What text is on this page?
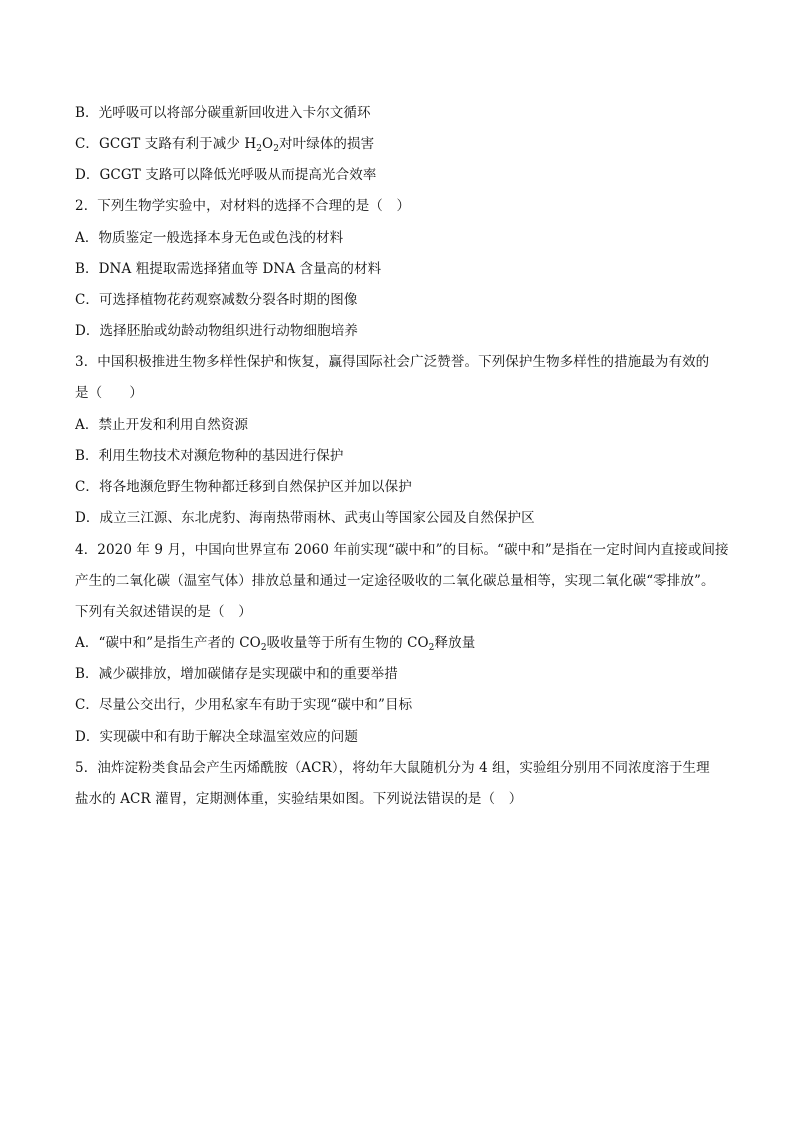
B．光呼吸可以将部分碳重新回收进入卡尔文循环
C．GCGT 支路有利于减少 $H_2O_2$对叶绿体的损害
D．GCGT 支路可以降低光呼吸从而提高光合效率
2．下列生物学实验中，对材料的选择不合理的是（　）
A．物质鉴定一般选择本身无色或色浅的材料
B．DNA 粗提取需选择猪血等 DNA 含量高的材料
C．可选择植物花药观察减数分裂各时期的图像
D．选择胚胎或幼龄动物组织进行动物细胞培养
3．中国积极推进生物多样性保护和恢复，赢得国际社会广泛赞誉。下列保护生物多样性的措施最为有效的
是（　　）
A．禁止开发和利用自然资源
B．利用生物技术对濒危物种的基因进行保护
C．将各地濒危野生物种都迁移到自然保护区并加以保护
D．成立三江源、东北虎豹、海南热带雨林、武夷山等国家公园及自然保护区
4．2020 年 9 月，中国向世界宣布 2060 年前实现“碳中和”的目标。“碳中和”是指在一定时间内直接或间接
产生的二氧化碳（温室气体）排放总量和通过一定途径吸收的二氧化碳总量相等，实现二氧化碳“零排放”。
下列有关叙述错误的是（　）
A．“碳中和”是指生产者的 $CO_2$吸收量等于所有生物的 $CO_2$释放量
B．减少碳排放，增加碳储存是实现碳中和的重要举措
C．尽量公交出行，少用私家车有助于实现“碳中和”目标
D．实现碳中和有助于解决全球温室效应的问题
5．油炸淀粉类食品会产生丙烯酰胺（ACR），将幼年大鼠随机分为 4 组，实验组分别用不同浓度溶于生理
盐水的 ACR 灌胃，定期测体重，实验结果如图。下列说法错误的是（　）
